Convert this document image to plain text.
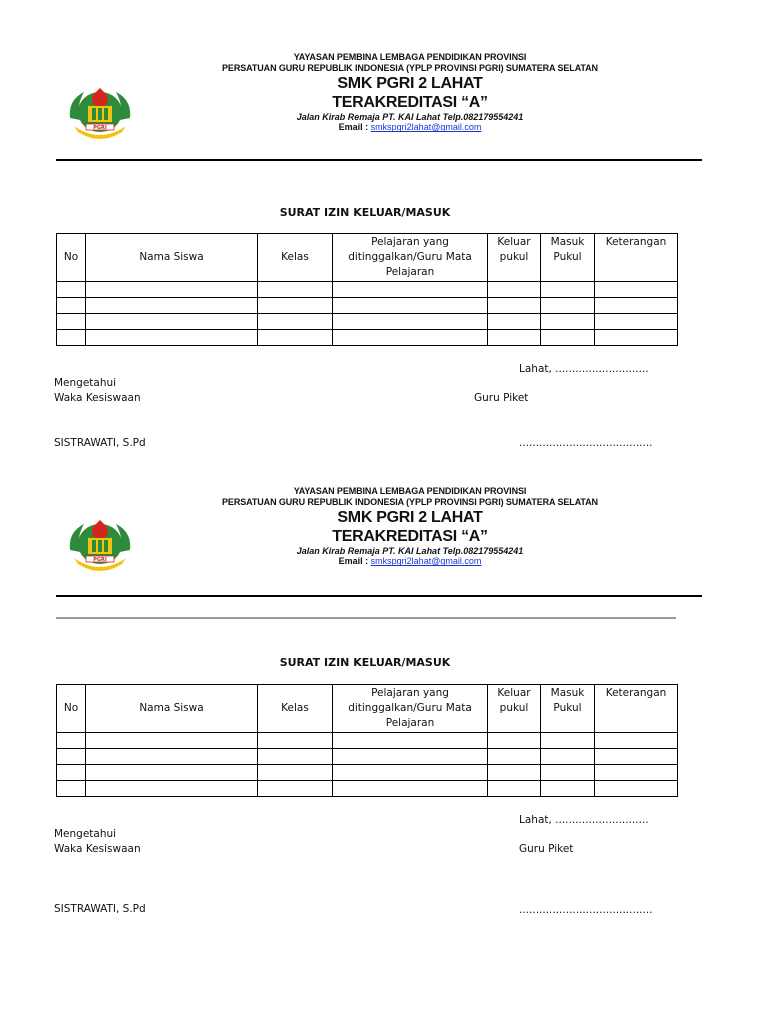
PGRI
YAYASAN PEMBINA LEMBAGA PENDIDIKAN PROVINSI
PERSATUAN GURU REPUBLIK INDONESIA (YPLP PROVINSI PGRI) SUMATERA SELATAN
SMK PGRI 2 LAHAT
TERAKREDITASI “A”
Jalan Kirab Remaja PT. KAI Lahat Telp.082179554241
Email : smkspgri2lahat@gmail.com
SURAT IZIN KELUAR/MASUK
No	Nama Siswa	Kelas	Pelajaran yang ditinggalkan/Guru Mata Pelajaran	Keluar pukul	Masuk Pukul	Keterangan

Lahat, ............................
Mengetahui
Waka Kesiswaan	Guru Piket
SISTRAWATI, S.Pd	........................................
PGRI
YAYASAN PEMBINA LEMBAGA PENDIDIKAN PROVINSI
PERSATUAN GURU REPUBLIK INDONESIA (YPLP PROVINSI PGRI) SUMATERA SELATAN
SMK PGRI 2 LAHAT
TERAKREDITASI “A”
Jalan Kirab Remaja PT. KAI Lahat Telp.082179554241
Email : smkspgri2lahat@gmail.com
SURAT IZIN KELUAR/MASUK
No	Nama Siswa	Kelas	Pelajaran yang ditinggalkan/Guru Mata Pelajaran	Keluar pukul	Masuk Pukul	Keterangan

Lahat, ............................
Mengetahui
Waka Kesiswaan	Guru Piket
SISTRAWATI, S.Pd	........................................
